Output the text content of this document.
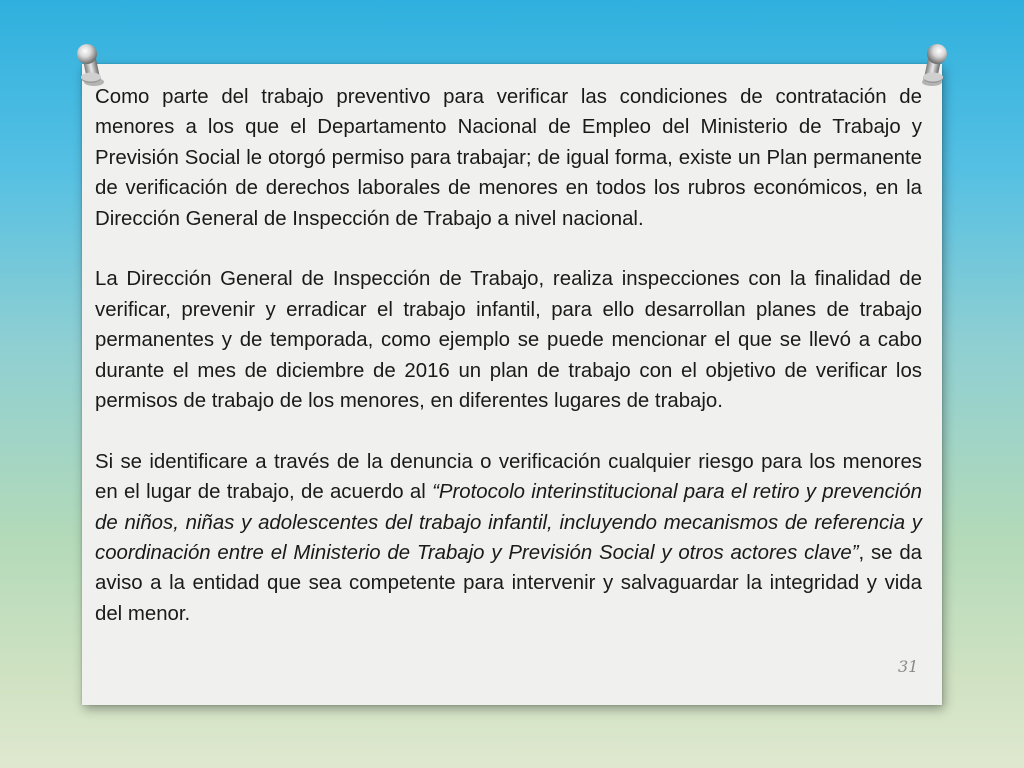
Como parte del trabajo preventivo para verificar las condiciones de contratación de menores a los que el Departamento Nacional de Empleo del Ministerio de Trabajo y Previsión Social le otorgó permiso para trabajar; de igual forma, existe un Plan permanente de verificación de derechos laborales de menores en todos los rubros económicos, en la Dirección General de Inspección de Trabajo a nivel nacional.

La Dirección General de Inspección de Trabajo, realiza inspecciones con la finalidad de verificar, prevenir y erradicar el trabajo infantil, para ello desarrollan planes de trabajo permanentes y de temporada, como ejemplo se puede mencionar el que se llevó a cabo durante el mes de diciembre de 2016 un plan de trabajo con el objetivo de verificar los permisos de trabajo de los menores, en diferentes lugares de trabajo.

Si se identificare a través de la denuncia o verificación cualquier riesgo para los menores en el lugar de trabajo, de acuerdo al “Protocolo interinstitucional para el retiro y prevención de niños, niñas y adolescentes del trabajo infantil, incluyendo mecanismos de referencia y coordinación entre el Ministerio de Trabajo y Previsión Social y otros actores clave”, se da aviso a la entidad que sea competente para intervenir y salvaguardar la integridad y vida del menor.

31
